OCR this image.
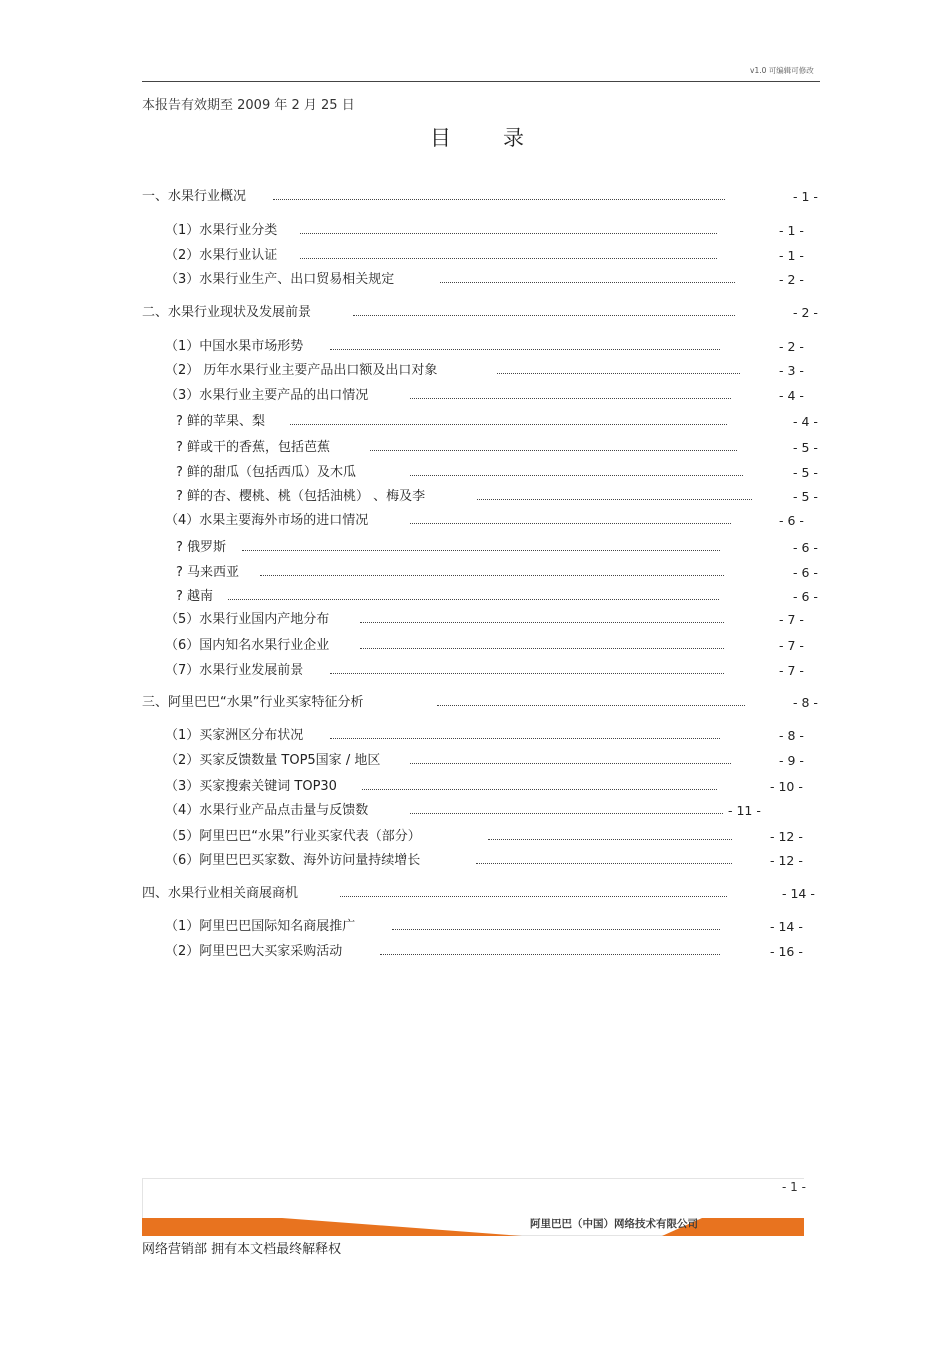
v1.0 可编辑可修改
本报告有效期至 2009 年 2 月 25 日
目录
一、水果行业概况	- 1 -
（1）水果行业分类	- 1 -
（2）水果行业认证	- 1 -
（3）水果行业生产、出口贸易相关规定	- 2 -
二、水果行业现状及发展前景	- 2 -
（1）中国水果市场形势	- 2 -
（2） 历年水果行业主要产品出口额及出口对象	- 3 -
（3）水果行业主要产品的出口情况	- 4 -
? 鲜的苹果、梨	- 4 -
? 鲜或干的香蕉，包括芭蕉	- 5 -
? 鲜的甜瓜（包括西瓜）及木瓜	- 5 -
? 鲜的杏、樱桃、桃（包括油桃） 、梅及李	- 5 -
（4）水果主要海外市场的进口情况	- 6 -
? 俄罗斯	- 6 -
? 马来西亚	- 6 -
? 越南	- 6 -
（5）水果行业国内产地分布	- 7 -
（6）国内知名水果行业企业	- 7 -
（7）水果行业发展前景	- 7 -
三、阿里巴巴“水果”行业买家特征分析	- 8 -
（1）买家洲区分布状况	- 8 -
（2）买家反馈数量 TOP5国家 / 地区	- 9 -
（3）买家搜索关键词 TOP30	- 10 -
（4）水果行业产品点击量与反馈数	- 11 -
（5）阿里巴巴“水果”行业买家代表（部分）	- 12 -
（6）阿里巴巴买家数、海外访问量持续增长	- 12 -
四、水果行业相关商展商机	- 14 -
（1）阿里巴巴国际知名商展推广	- 14 -
（2）阿里巴巴大买家采购活动	- 16 -
- 1 -
阿里巴巴（中国）网络技术有限公司
网络营销部 拥有本文档最终解释权
